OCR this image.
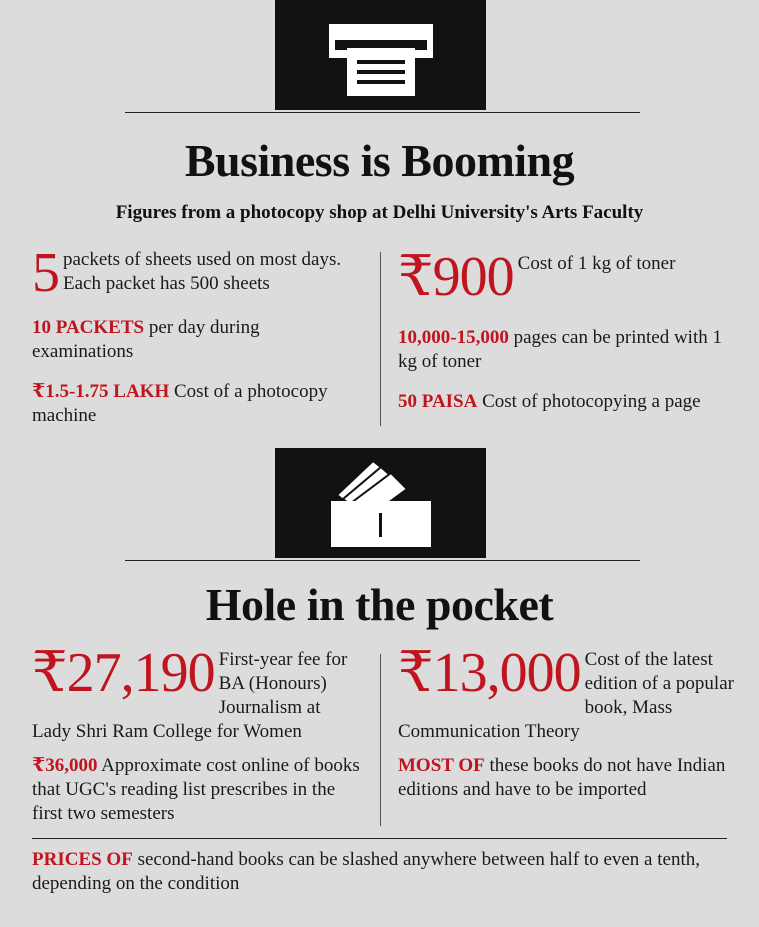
Business is Booming
Figures from a photocopy shop at Delhi University's Arts Faculty
5 packets of sheets used on most days. Each packet has 500 sheets
10 PACKETS per day during examinations
₹1.5-1.75 LAKH Cost of a photocopy machine
₹900 Cost of 1 kg of toner
10,000-15,000 pages can be printed with 1 kg of toner
50 PAISA Cost of photocopying a page
Hole in the pocket
₹27,190 First-year fee for BA (Honours) Journalism at Lady Shri Ram College for Women
₹36,000 Approximate cost online of books that UGC's reading list prescribes in the first two semesters
₹13,000 Cost of the latest edition of a popular book, Mass Communication Theory
MOST OF these books do not have Indian editions and have to be imported
PRICES OF second-hand books can be slashed anywhere between half to even a tenth, depending on the condition
